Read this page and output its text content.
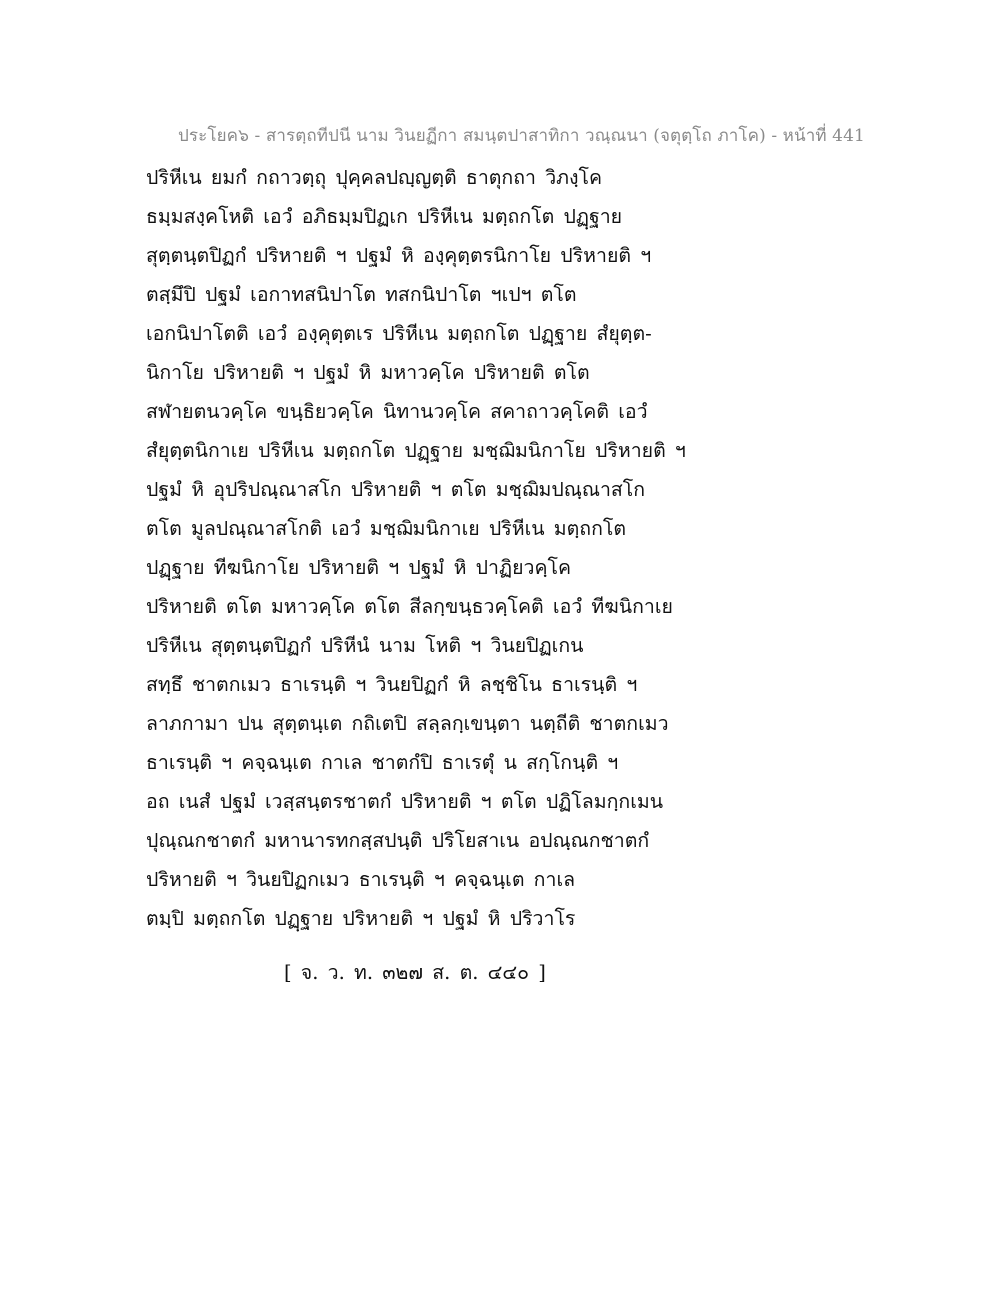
ประโยค๖ - สารตฺถทีปนี นาม วินยฏีกา สมนฺตปาสาทิกา วณฺณนา (จตุตฺโถ ภาโค) - หน้าที่ 441
ปริหีเน ยมกํ กถาวตฺถุ ปุคฺคลปญฺญตฺติ ธาตุกถา วิภงฺโค
ธมฺมสงฺคโหติ เอวํ อภิธมฺมปิฏเก ปริหีเน มตฺถกโต ปฏฺฐาย
สุตฺตนฺตปิฏกํ ปริหายติ ฯ ปฐมํ หิ องฺคุตฺตรนิกาโย ปริหายติ ฯ
ตสฺมึปิ ปฐมํ เอกาทสนิปาโต ทสกนิปาโต ฯเปฯ ตโต
เอกนิปาโตติ เอวํ องฺคุตฺตเร ปริหีเน มตฺถกโต ปฏฺฐาย สํยุตฺต-
นิกาโย ปริหายติ ฯ ปฐมํ หิ มหาวคฺโค ปริหายติ ตโต
สฬายตนวคฺโค ขนฺธิยวคฺโค นิทานวคฺโค สคาถาวคฺโคติ เอวํ
สํยุตฺตนิกาเย ปริหีเน มตฺถกโต ปฏฺฐาย มชฺฌิมนิกาโย ปริหายติ ฯ
ปฐมํ หิ อุปริปณฺณาสโก ปริหายติ ฯ ตโต มชฺฌิมปณฺณาสโก
ตโต มูลปณฺณาสโกติ เอวํ มชฺฌิมนิกาเย ปริหีเน มตฺถกโต
ปฏฺฐาย ทีฆนิกาโย ปริหายติ ฯ ปฐมํ หิ ปาฏิยวคฺโค
ปริหายติ ตโต มหาวคฺโค ตโต สีลกฺขนฺธวคฺโคติ เอวํ ทีฆนิกาเย
ปริหีเน สุตฺตนฺตปิฏกํ ปริหีนํ นาม โหติ ฯ วินยปิฏเกน
สทฺธึ ชาตกเมว ธาเรนฺติ ฯ วินยปิฏกํ หิ ลชฺชิโน ธาเรนฺติ ฯ
ลาภกามา ปน สุตฺตนฺเต กถิเตปิ สลฺลกฺเขนฺตา นตฺถีติ ชาตกเมว
ธาเรนฺติ ฯ คจฺฉนฺเต กาเล ชาตกํปิ ธาเรตุํ น สกฺโกนฺติ ฯ
อถ เนสํ ปฐมํ เวสฺสนฺตรชาตกํ ปริหายติ ฯ ตโต ปฏิโลมกฺกเมน
ปุณฺณกชาตกํ มหานารทกสฺสปนฺติ ปริโยสาเน อปณฺณกชาตกํ
ปริหายติ ฯ วินยปิฏกเมว ธาเรนฺติ ฯ คจฺฉนฺเต กาเล
ตมฺปิ มตฺถกโต ปฏฺฐาย ปริหายติ ฯ ปฐมํ หิ ปริวาโร
[ จ. ว. ท. ๓๒๗ ส. ต. ๔๔๐ ]
